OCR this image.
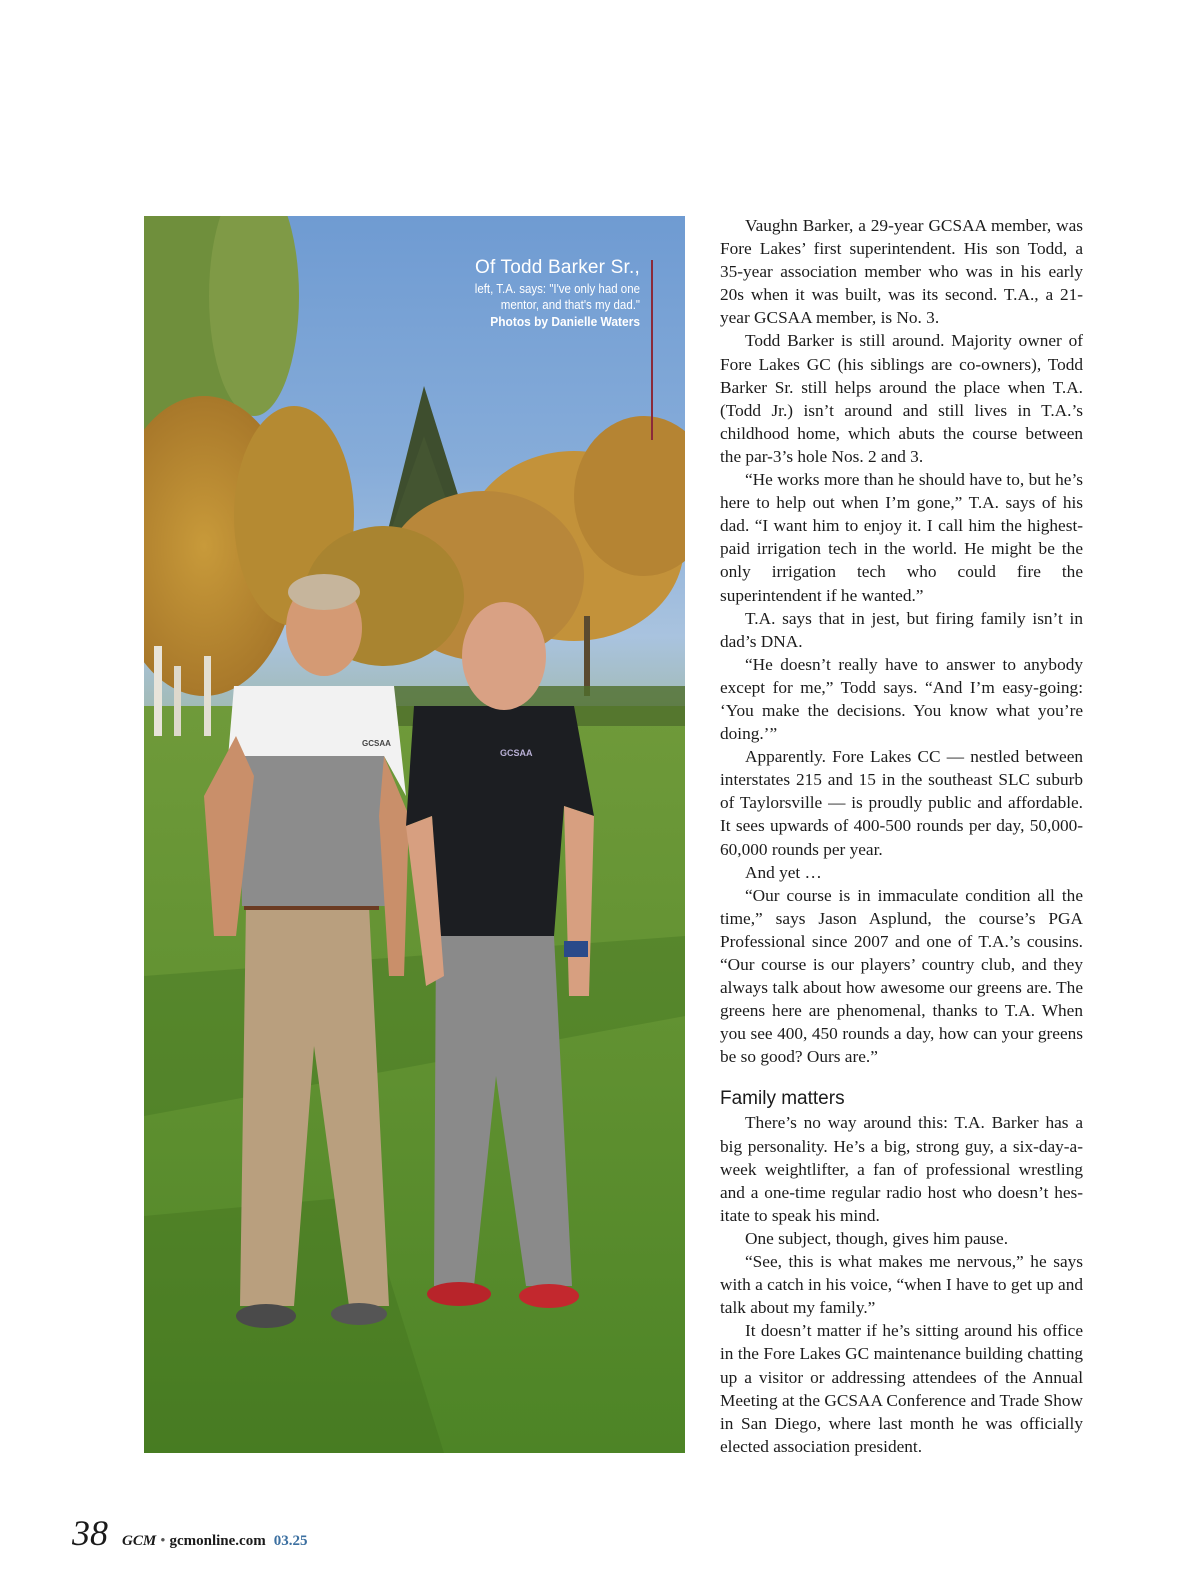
GCSAA
GCSAA
Of Todd Barker Sr.,
left, T.A. says: "I've only had one mentor, and that's my dad."
Photos by Danielle Waters

Vaughn Barker, a 29-year GCSAA member, was Fore Lakes’ first superintendent. His son Todd, a 35-year association member who was in his early 20s when it was built, was its second. T.A., a 21-year GCSAA member, is No. 3.

Todd Barker is still around. Majority owner of Fore Lakes GC (his siblings are co-owners), Todd Barker Sr. still helps around the place when T.A. (Todd Jr.) isn’t around and still lives in T.A.’s childhood home, which abuts the course between the par-3’s hole Nos. 2 and 3.

“He works more than he should have to, but he’s here to help out when I’m gone,” T.A. says of his dad. “I want him to enjoy it. I call him the highest-paid irrigation tech in the world. He might be the only irrigation tech who could fire the superintendent if he wanted.”

T.A. says that in jest, but firing family isn’t in dad’s DNA.

“He doesn’t really have to answer to anybody except for me,” Todd says. “And I’m easy-going: ‘You make the decisions. You know what you’re doing.’”

Apparently. Fore Lakes CC — nestled between interstates 215 and 15 in the southeast SLC suburb of Taylorsville — is proudly public and affordable. It sees upwards of 400-500 rounds per day, 50,000-60,000 rounds per year.

And yet …

“Our course is in immaculate condition all the time,” says Jason Asplund, the course’s PGA Professional since 2007 and one of T.A.’s cousins. “Our course is our players’ country club, and they always talk about how awesome our greens are. The greens here are phenomenal, thanks to T.A. When you see 400, 450 rounds a day, how can your greens be so good? Ours are.”

Family matters

There’s no way around this: T.A. Barker has a big personality. He’s a big, strong guy, a six-day-a-week weightlifter, a fan of professional wrestling and a one-time regular radio host who doesn’t hesitate to speak his mind.

One subject, though, gives him pause.

“See, this is what makes me nervous,” he says with a catch in his voice, “when I have to get up and talk about my family.”

It doesn’t matter if he’s sitting around his office in the Fore Lakes GC maintenance building chatting up a visitor or addressing attendees of the Annual Meeting at the GCSAA Conference and Trade Show in San Diego, where last month he was officially elected association president.

38 GCM • gcmonline.com 03.25
